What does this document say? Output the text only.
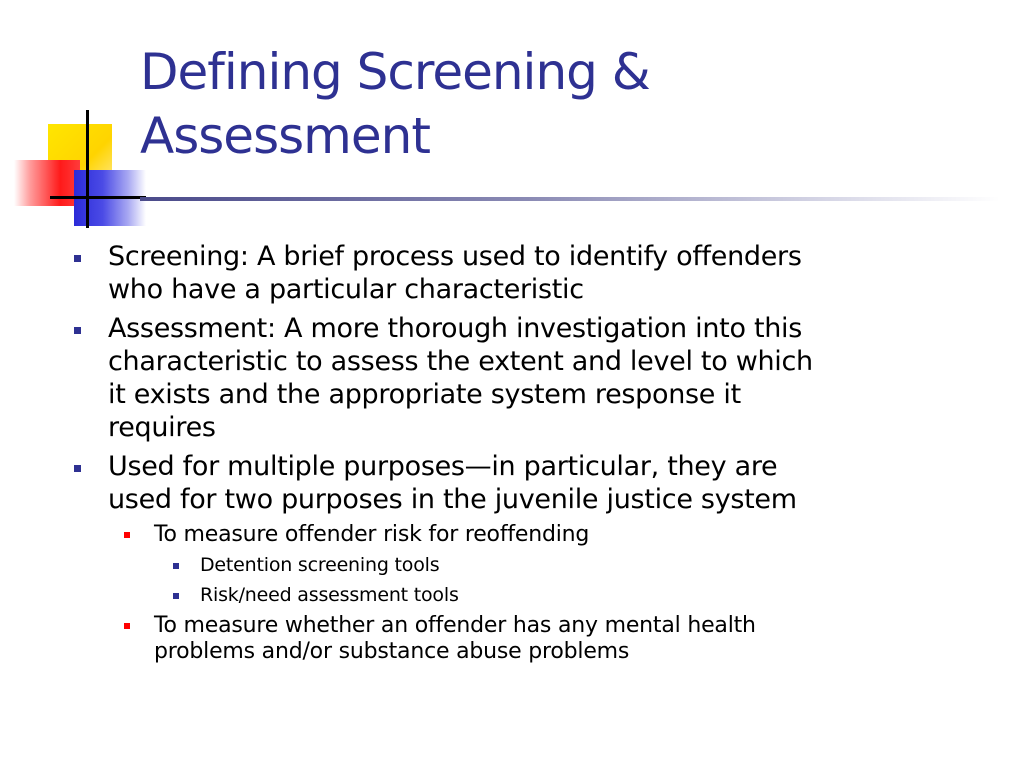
Defining Screening &
Assessment
Screening: A brief process used to identify offenders
who have a particular characteristic
Assessment: A more thorough investigation into this
characteristic to assess the extent and level to which
it exists and the appropriate system response it
requires
Used for multiple purposes—in particular, they are
used for two purposes in the juvenile justice system
To measure offender risk for reoffending
Detention screening tools
Risk/need assessment tools
To measure whether an offender has any mental health
problems and/or substance abuse problems
